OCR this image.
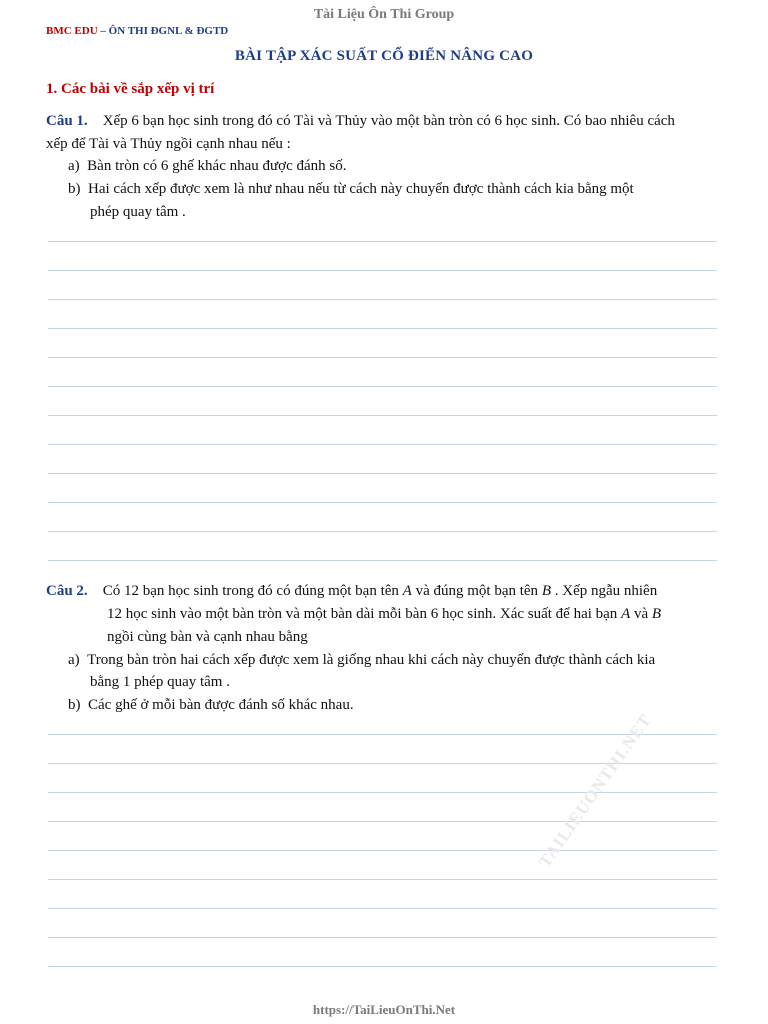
Tài Liệu Ôn Thi Group
BMC EDU – ÔN THI ĐGNL & ĐGTD
BÀI TẬP XÁC SUẤT CỔ ĐIỂN NÂNG CAO
1. Các bài về sắp xếp vị trí
Câu 1. Xếp 6 bạn học sinh trong đó có Tài và Thủy vào một bàn tròn có 6 học sinh. Có bao nhiêu cách
xếp để Tài và Thủy ngồi cạnh nhau nếu :
a) Bàn tròn có 6 ghế khác nhau được đánh số.
b) Hai cách xếp được xem là như nhau nếu từ cách này chuyển được thành cách kia bằng một
phép quay tâm .
Câu 2. Có 12 bạn học sinh trong đó có đúng một bạn tên A và đúng một bạn tên B . Xếp ngẫu nhiên
12 học sinh vào một bàn tròn và một bàn dài mỗi bàn 6 học sinh. Xác suất để hai bạn A và B
ngồi cùng bàn và cạnh nhau bằng
a) Trong bàn tròn hai cách xếp được xem là giống nhau khi cách này chuyển được thành cách kia
bằng 1 phép quay tâm .
b) Các ghế ở mỗi bàn được đánh số khác nhau.
TAILIEUONTHI.NET
https://TaiLieuOnThi.Net
